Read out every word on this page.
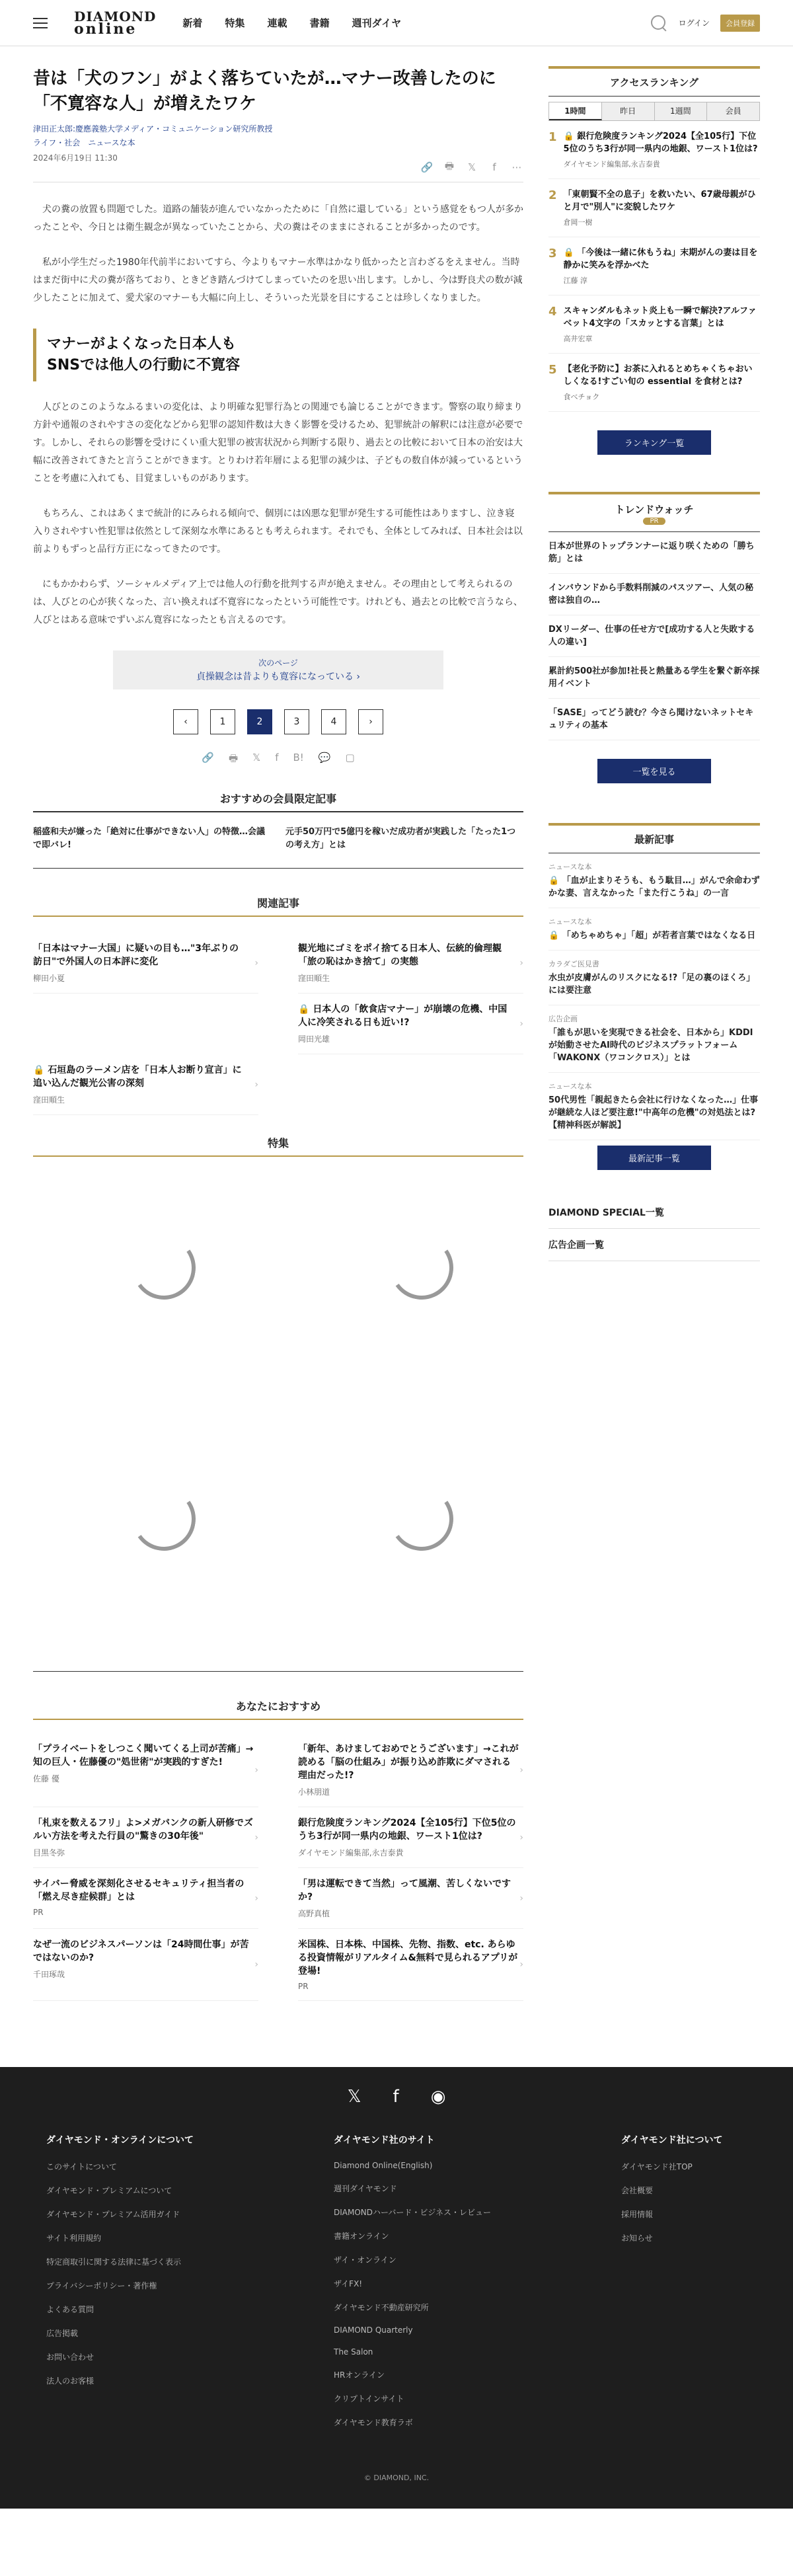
DIAMOND
online	新着 特集 連載 書籍 週刊ダイヤ	ログイン	会員登録
昔は「犬のフン」がよく落ちていたが…マナー改善したのに「不寛容な人」が増えたワケ
津田正太郎:慶應義塾大学メディア・コミュニケーション研究所教授
ライフ・社会　ニュースな本
2024年6月19日 11:30
🔗 🖶 𝕏	f	⋯

犬の糞の放置も問題でした。道路の舗装が進んでいなかったために「自然に還している」という感覚をもつ人が多かったことや、今日とは衛生観念が異なっていたことから、犬の糞はそのままにされることが多かったのです。

私が小学生だった1980年代前半においてすら、今よりもマナー水準はかなり低かったと言わざるをえません。当時はまだ街中に犬の糞が落ちており、ときどき踏んづけてしまっていたのを思い出します。しかし、今は野良犬の数が減少したことに加えて、愛犬家のマナーも大幅に向上し、そういった光景を目にすることは珍しくなりました。

マナーがよくなった日本人も
SNSでは他人の行動に不寛容

人びとのこのようなふるまいの変化は、より明確な犯罪行為との関連でも論じることができます。警察の取り締まり方針や通報のされやすさの変化などから犯罪の認知件数は大きく影響を受けるため、犯罪統計の解釈には注意が必要です。しかし、それらの影響を受けにくい重大犯罪の被害状況から判断する限り、過去との比較において日本の治安は大幅に改善されてきたと言うことができます。とりわけ若年層による犯罪の減少は、子どもの数自体が減っているということを考慮に入れても、目覚ましいものがあります。

もちろん、これはあくまで統計的にみられる傾向で、個別には凶悪な犯罪が発生する可能性はありますし、泣き寝入りされやすい性犯罪は依然として深刻な水準にあるとも考えられます。それでも、全体としてみれば、日本社会は以前よりもずっと品行方正になってきたのです。

にもかかわらず、ソーシャルメディア上では他人の行動を批判する声が絶えません。その理由として考えられるのは、人びとの心が狭くなった、言い換えれば不寛容になったという可能性です。けれども、過去との比較で言うなら、人びとはある意味でずいぶん寛容になったとも言えるのです。

次のページ
貞操観念は昔よりも寛容になっている ›
‹	1	2	3	4	›
🔗 🖶 𝕏 f B! 💬 ▢
おすすめの会員限定記事
稲盛和夫が嫌った「絶対に仕事ができない人」の特徴…会議で即バレ!
元手50万円で5億円を稼いだ成功者が実践した「たった1つの考え方」とは
関連記事
「日本はマナー大国」に疑いの目も…"3年ぶりの訪日"で外国人の日本評に変化
柳田小夏
›
観光地にゴミをポイ捨てる日本人、伝統的倫理観「旅の恥はかき捨て」の実態
窪田順生
›
🔒 日本人の「飲食店マナー」が崩壊の危機、中国人に冷笑される日も近い!?
岡田光雄
›
🔒 石垣島のラーメン店を「日本人お断り宣言」に追い込んだ観光公害の深刻
窪田順生
›
特集
あなたにおすすめ
「プライベートをしつこく聞いてくる上司が苦痛」→知の巨人・佐藤優の"処世術"が実践的すぎた!
佐藤 優
›
「新年、あけましておめでとうございます」→これが読める「脳の仕組み」が振り込め詐欺にダマされる理由だった!?
小林朋道
›
「札束を数えるフリ」よ>メガバンクの新人研修でズルい方法を考えた行員の"驚きの30年後"
目黒冬弥
›
銀行危険度ランキング2024【全105行】下位5位のうち3行が同一県内の地銀、ワースト1位は?
ダイヤモンド編集部,永吉泰貴
›
サイバー脅威を深刻化させるセキュリティ担当者の「燃え尽き症候群」とは
PR
›
「男は運転できて当然」って風潮、苦しくないですか?
高野真植
›
なぜ一流のビジネスパーソンは「24時間仕事」が苦ではないのか?
千田琢哉
›
米国株、日本株、中国株、先物、指数、etc. あらゆる投資情報がリアルタイム&無料で見られるアプリが登場!
PR
›
アクセスランキング
1時間	昨日	1週間	会員
1 🔒 銀行危険度ランキング2024【全105行】下位5位のうち3行が同一県内の地銀、ワースト1位は?
ダイヤモンド編集部,永吉泰貴
2 「東朝賢不全の息子」を救いたい、67歳母親がひと月で"別人"に変貌したワケ
倉岡一樹
3 🔒 「今後は一緒に休もうね」末期がんの妻は目を静かに笑みを浮かべた
江藤 淳
4 スキャンダルもネット炎上も一瞬で解決?アルファベット4文字の「スカッとする言葉」とは
高井宏章
5 【老化予防に】お茶に入れるとめちゃくちゃおいしくなる!すごい旬の essential を食材とは?
食べチョク
ランキング一覧
トレンドウォッチ
PR
日本が世界のトップランナーに返り咲くための「勝ち筋」とは
インバウンドから手数料削減のパスツアー、人気の秘密は独自の…
DXリーダー、仕事の任せ方で[成功する人と失敗する人の違い]
累計約500社が参加!社長と熱量ある学生を繋ぐ新卒採用イベント
「SASE」ってどう読む？今さら聞けないネットセキュリティの基本
一覧を見る
最新記事
ニュースな本
🔒 「血が止まりそうも、もう駄目…」がんで余命わずかな妻、言えなかった「また行こうね」の一言
ニュースな本
🔒 「めちゃめちゃ」「超」が若者言葉ではなくなる日
カラダご医見書
水虫が皮膚がんのリスクになる!?「足の裏のほくろ」には要注意
広告企画
「誰もが思いを実現できる社会を、日本から」KDDIが始動させたAI時代のビジネスプラットフォーム「WAKONX（ワコンクロス）」とは
ニュースな本
50代男性「親起きたら会社に行けなくなった…」仕事が継続な人ほど要注意!"中高年の危機"の対処法とは?【精神科医が解説】
最新記事一覧
DIAMOND SPECIAL一覧
広告企画一覧
𝕏 f ◉
ダイヤモンド・オンラインについて
このサイトについて
ダイヤモンド・プレミアムについて
ダイヤモンド・プレミアム活用ガイド
サイト利用規約
特定商取引に関する法律に基づく表示
プライバシーポリシー・著作権
よくある質問
広告掲載
お問い合わせ
法人のお客様
ダイヤモンド社のサイト
Diamond Online(English)
週刊ダイヤモンド
DIAMONDハーバード・ビジネス・レビュー
書籍オンライン
ザイ・オンライン
ザイFX!
ダイヤモンド不動産研究所
DIAMOND Quarterly
The Salon
HRオンライン
クリプトインサイト
ダイヤモンド教育ラボ
ダイヤモンド社について
ダイヤモンド社TOP
会社概要
採用情報
お知らせ
© DIAMOND, INC.
